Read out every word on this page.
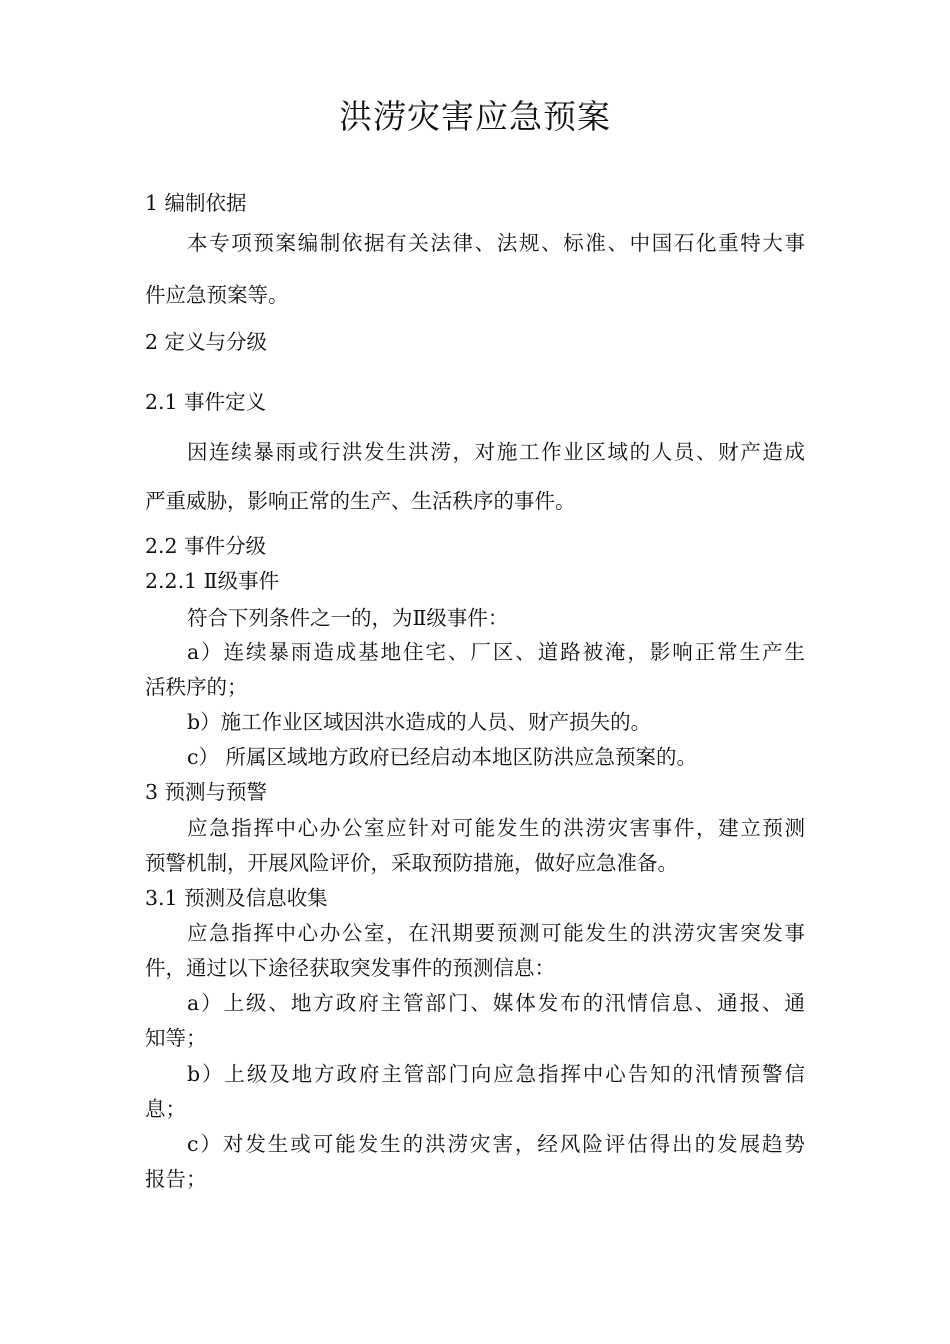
洪涝灾害应急预案
1 编制依据
本专项预案编制依据有关法律、法规、标准、中国石化重特大事
件应急预案等。
2 定义与分级
2.1 事件定义
因连续暴雨或行洪发生洪涝，对施工作业区域的人员、财产造成
严重威胁，影响正常的生产、生活秩序的事件。
2.2 事件分级
2.2.1 Ⅱ级事件
符合下列条件之一的，为Ⅱ级事件：
a）连续暴雨造成基地住宅、厂区、道路被淹，影响正常生产生
活秩序的；
b）施工作业区域因洪水造成的人员、财产损失的。
c） 所属区域地方政府已经启动本地区防洪应急预案的。
3 预测与预警
应急指挥中心办公室应针对可能发生的洪涝灾害事件，建立预测
预警机制，开展风险评价，采取预防措施，做好应急准备。
3.1 预测及信息收集
应急指挥中心办公室，在汛期要预测可能发生的洪涝灾害突发事
件，通过以下途径获取突发事件的预测信息：
a）上级、地方政府主管部门、媒体发布的汛情信息、通报、通
知等；
b）上级及地方政府主管部门向应急指挥中心告知的汛情预警信
息；
c）对发生或可能发生的洪涝灾害，经风险评估得出的发展趋势
报告；
